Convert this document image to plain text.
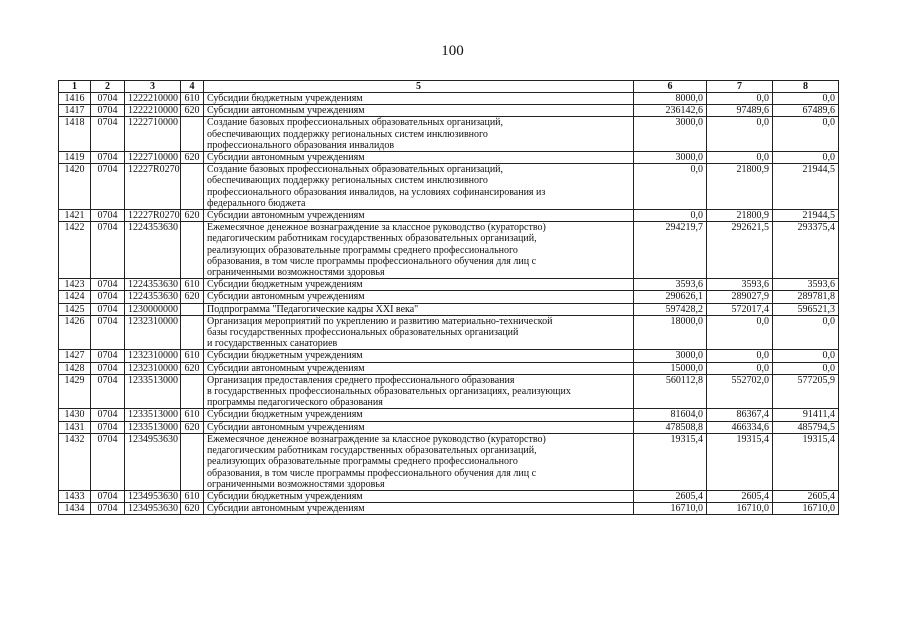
100
1	2	3	4	5	6	7	8
1416	0704	1222210000	610	Субсидии бюджетным учреждениям	8000,0	0,0	0,0
1417	0704	1222210000	620	Субсидии автономным учреждениям	236142,6	97489,6	67489,6
1418	0704	1222710000		Создание базовых профессиональных образовательных организаций,
обеспечивающих поддержку региональных систем инклюзивного
профессионального образования инвалидов	3000,0	0,0	0,0
1419	0704	1222710000	620	Субсидии автономным учреждениям	3000,0	0,0	0,0
1420	0704	12227R0270		Создание базовых профессиональных образовательных организаций,
обеспечивающих поддержку региональных систем инклюзивного
профессионального образования инвалидов, на условиях софинансирования из
федерального бюджета	0,0	21800,9	21944,5
1421	0704	12227R0270	620	Субсидии автономным учреждениям	0,0	21800,9	21944,5
1422	0704	1224353630		Ежемесячное денежное вознаграждение за классное руководство (кураторство)
педагогическим работникам государственных образовательных организаций,
реализующих образовательные программы среднего профессионального
образования, в том числе программы профессионального обучения для лиц с
ограниченными возможностями здоровья	294219,7	292621,5	293375,4
1423	0704	1224353630	610	Субсидии бюджетным учреждениям	3593,6	3593,6	3593,6
1424	0704	1224353630	620	Субсидии автономным учреждениям	290626,1	289027,9	289781,8
1425	0704	1230000000		Подпрограмма "Педагогические кадры XXI века"	597428,2	572017,4	596521,3
1426	0704	1232310000		Организация мероприятий по укреплению и развитию материально-технической
базы государственных профессиональных образовательных организаций
и государственных санаториев	18000,0	0,0	0,0
1427	0704	1232310000	610	Субсидии бюджетным учреждениям	3000,0	0,0	0,0
1428	0704	1232310000	620	Субсидии автономным учреждениям	15000,0	0,0	0,0
1429	0704	1233513000		Организация предоставления среднего профессионального образования
в государственных профессиональных образовательных организациях, реализующих
программы педагогического образования	560112,8	552702,0	577205,9
1430	0704	1233513000	610	Субсидии бюджетным учреждениям	81604,0	86367,4	91411,4
1431	0704	1233513000	620	Субсидии автономным учреждениям	478508,8	466334,6	485794,5
1432	0704	1234953630		Ежемесячное денежное вознаграждение за классное руководство (кураторство)
педагогическим работникам государственных образовательных организаций,
реализующих образовательные программы среднего профессионального
образования, в том числе программы профессионального обучения для лиц с
ограниченными возможностями здоровья	19315,4	19315,4	19315,4
1433	0704	1234953630	610	Субсидии бюджетным учреждениям	2605,4	2605,4	2605,4
1434	0704	1234953630	620	Субсидии автономным учреждениям	16710,0	16710,0	16710,0
